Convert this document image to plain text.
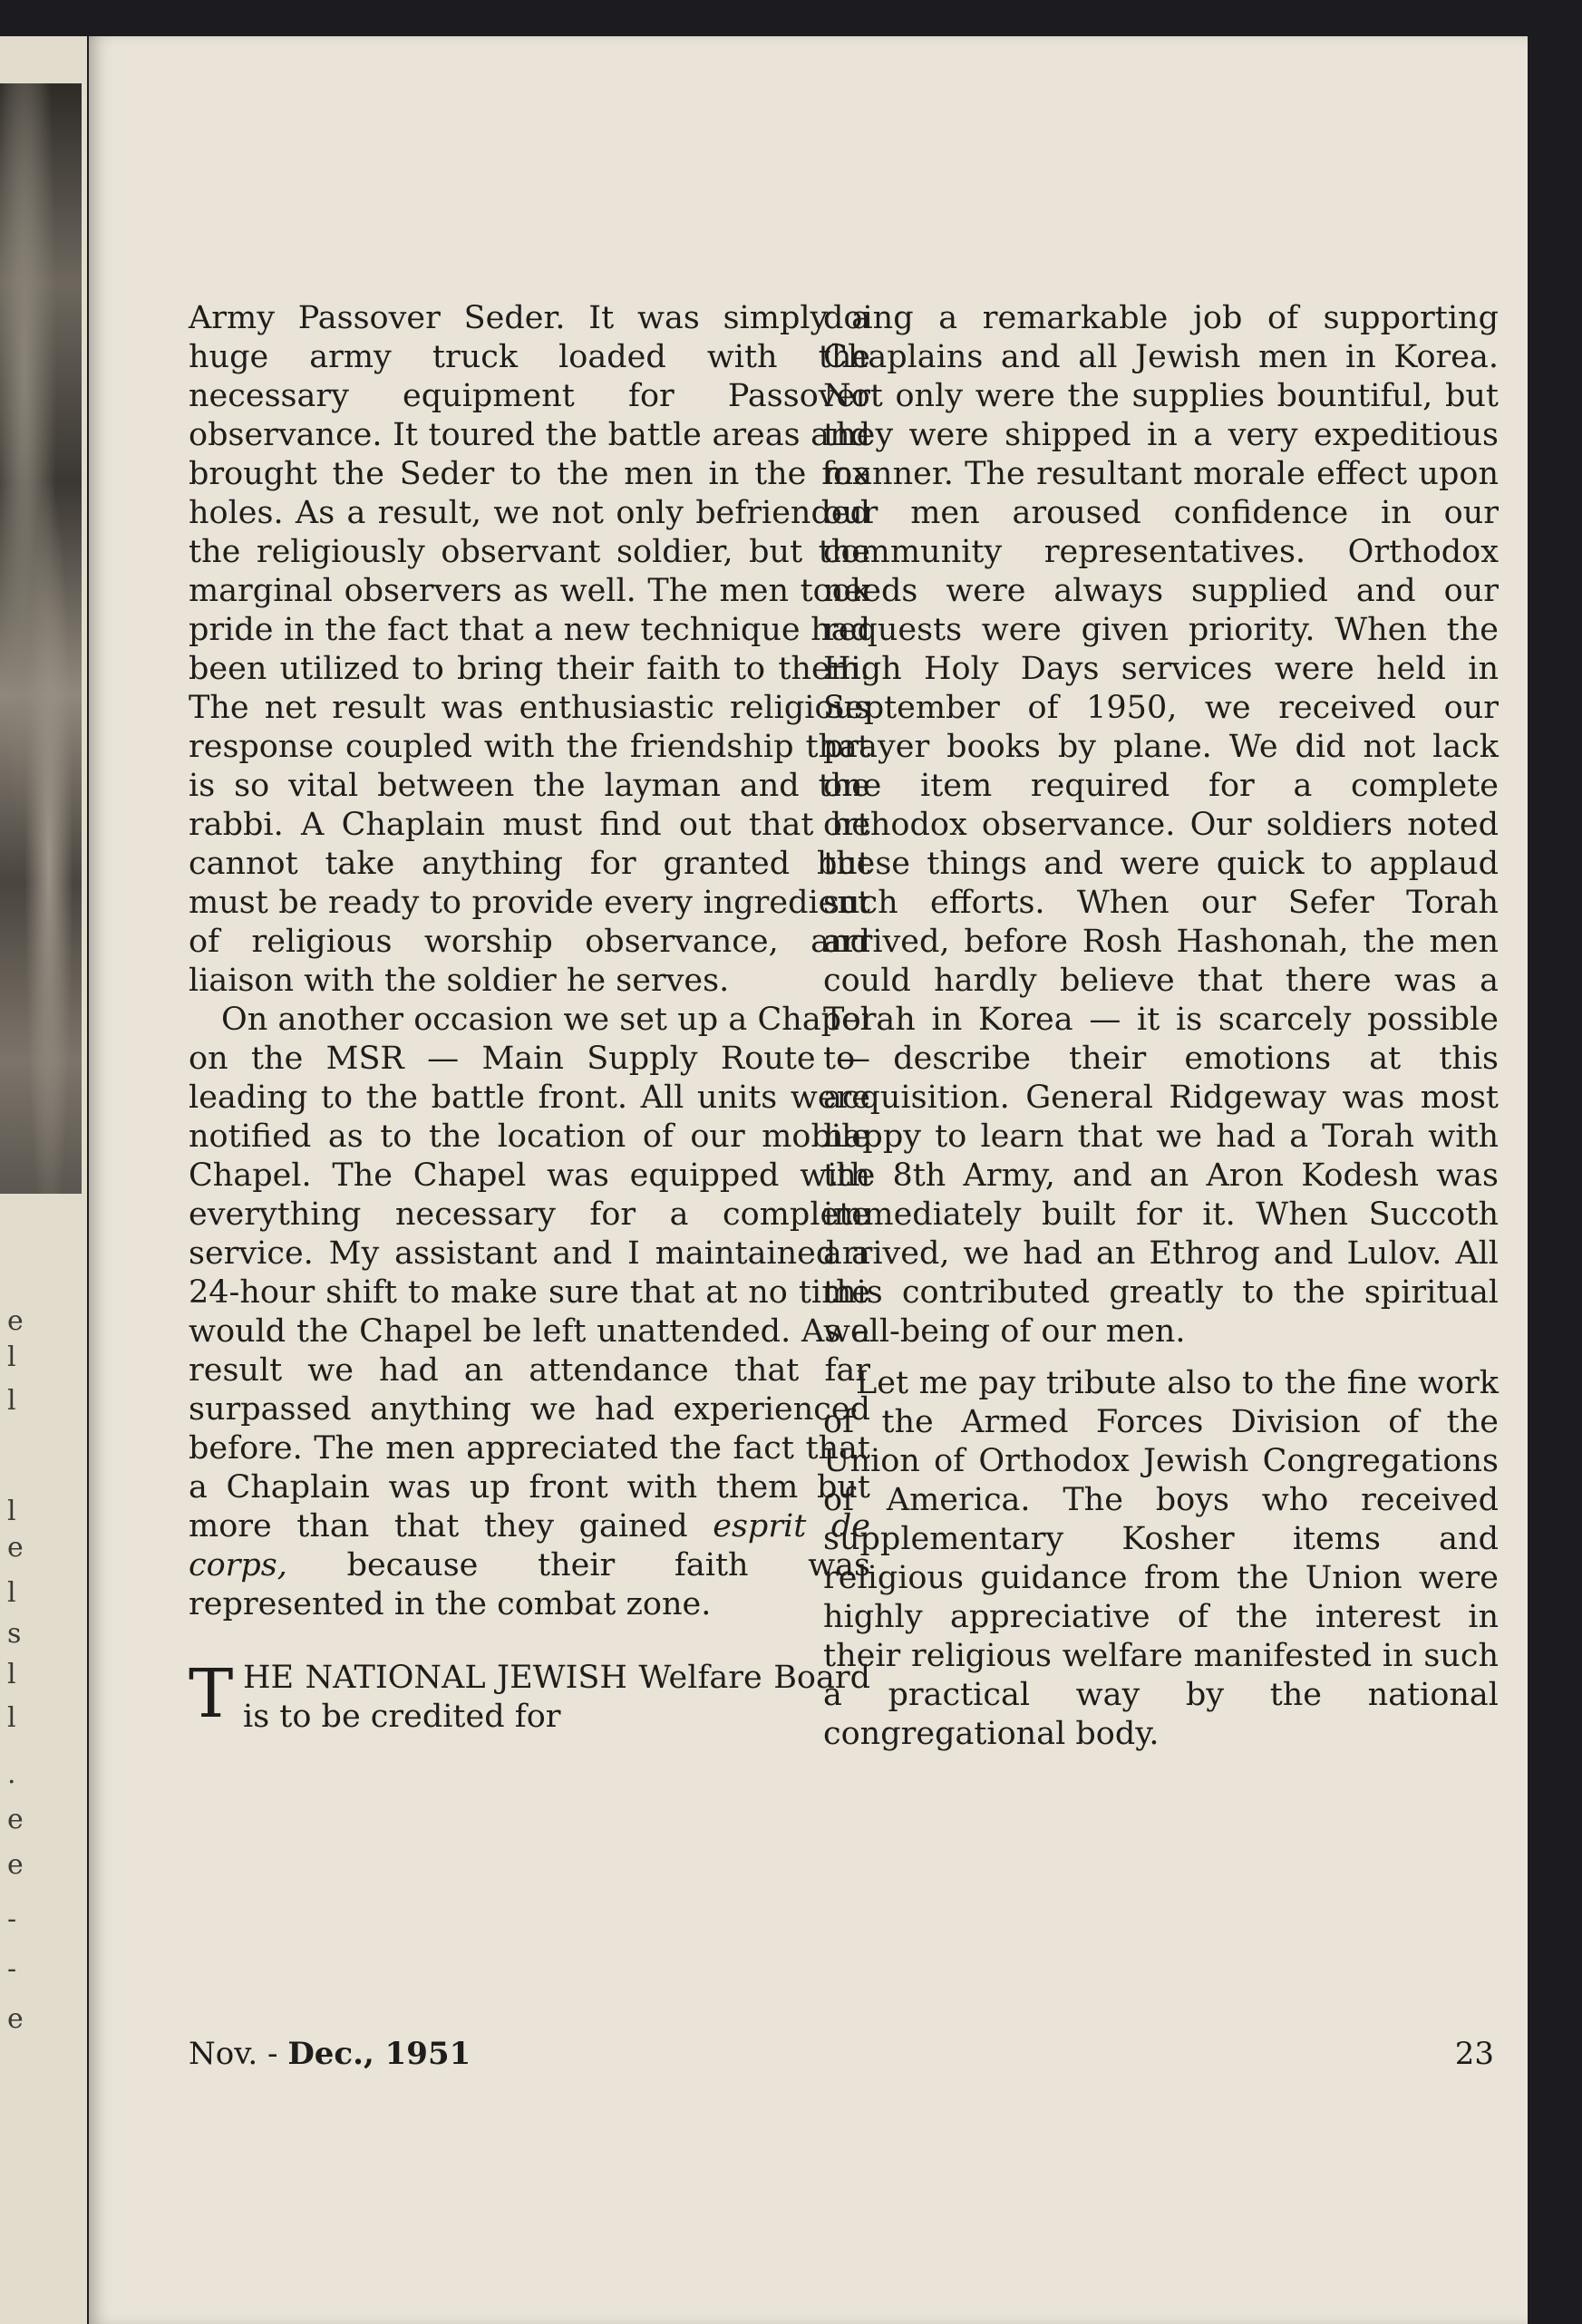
e
l
l
l
e
l
s
l
l
.
e
e
-
-
e

Army Passover Seder. It was simply a huge army truck loaded with the necessary equipment for Passover observance. It toured the battle areas and brought the Seder to the men in the fox holes. As a result, we not only befriended the religiously observant soldier, but the marginal observers as well. The men took pride in the fact that a new technique had been utilized to bring their faith to them. The net result was enthusiastic religious response coupled with the friendship that is so vital between the layman and the rabbi. A Chaplain must find out that he cannot take anything for granted but must be ready to provide every ingredient of religious worship observance, and liaison with the soldier he serves.

On another occasion we set up a Chapel on the MSR — Main Supply Route — leading to the battle front. All units were notified as to the location of our mobile Chapel. The Chapel was equipped with everything necessary for a complete service. My assistant and I maintained a 24-hour shift to make sure that at no time would the Chapel be left unattended. As a result we had an attendance that far surpassed anything we had experienced before. The men appreciated the fact that a Chaplain was up front with them but more than that they gained esprit de corps, because their faith was represented in the combat zone.

T HE NATIONAL JEWISH Welfare Board is to be credited for

doing a remarkable job of supporting Chaplains and all Jewish men in Korea. Not only were the supplies bountiful, but they were shipped in a very expeditious manner. The resultant morale effect upon our men aroused confidence in our community representatives. Orthodox needs were always supplied and our requests were given priority. When the High Holy Days services were held in September of 1950, we received our prayer books by plane. We did not lack one item required for a complete orthodox observance. Our soldiers noted these things and were quick to applaud such efforts. When our Sefer Torah arrived, before Rosh Hashonah, the men could hardly believe that there was a Torah in Korea — it is scarcely possible to describe their emotions at this acquisition. General Ridgeway was most happy to learn that we had a Torah with the 8th Army, and an Aron Kodesh was immediately built for it. When Succoth arrived, we had an Ethrog and Lulov. All this contributed greatly to the spiritual well-being of our men.

Let me pay tribute also to the fine work of the Armed Forces Division of the Union of Orthodox Jewish Congregations of America. The boys who received supplementary Kosher items and religious guidance from the Union were highly appreciative of the interest in their religious welfare manifested in such a practical way by the national congregational body.

Nov. - Dec., 1951	23
